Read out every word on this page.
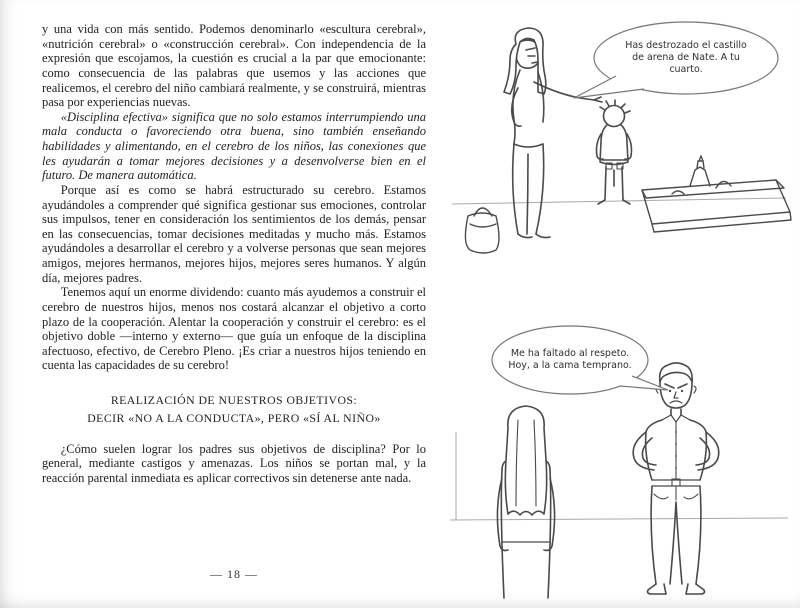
y una vida con más sentido. Podemos denominarlo «escultura cerebral», «nutrición cerebral» o «construcción cerebral». Con independencia de la expresión que escojamos, la cuestión es crucial a la par que emocionante: como consecuencia de las palabras que usemos y las acciones que realicemos, el cerebro del niño cambiará realmente, y se construirá, mientras pasa por experiencias nuevas.

«Disciplina efectiva» significa que no solo estamos interrumpiendo una mala conducta o favoreciendo otra buena, sino también enseñando habilidades y alimentando, en el cerebro de los niños, las conexiones que les ayudarán a tomar mejores decisiones y a desenvolverse bien en el futuro. De manera automática.

Porque así es como se habrá estructurado su cerebro. Estamos ayudándoles a comprender qué significa gestionar sus emociones, controlar sus impulsos, tener en consideración los sentimientos de los demás, pensar en las consecuencias, tomar decisiones meditadas y mucho más. Estamos ayudándoles a desarrollar el cerebro y a volverse personas que sean mejores amigos, mejores hermanos, mejores hijos, mejores seres humanos. Y algún día, mejores padres.

Tenemos aquí un enorme dividendo: cuanto más ayudemos a construir el cerebro de nuestros hijos, menos nos costará alcanzar el objetivo a corto plazo de la cooperación. Alentar la cooperación y construir el cerebro: es el objetivo doble —interno y externo— que guía un enfoque de la disciplina afectuoso, efectivo, de Cerebro Pleno. ¡Es criar a nuestros hijos teniendo en cuenta las capacidades de su cerebro!

REALIZACIÓN DE NUESTROS OBJETIVOS:
DECIR «NO A LA CONDUCTA», PERO «SÍ AL NIÑO»

¿Cómo suelen lograr los padres sus objetivos de disciplina? Por lo general, mediante castigos y amenazas. Los niños se portan mal, y la reacción parental inmediata es aplicar correctivos sin detenerse ante nada.

— 18 —
Has destrozado el castillo de arena de Nate. A tu cuarto.
Me ha faltado al respeto. Hoy, a la cama temprano.
